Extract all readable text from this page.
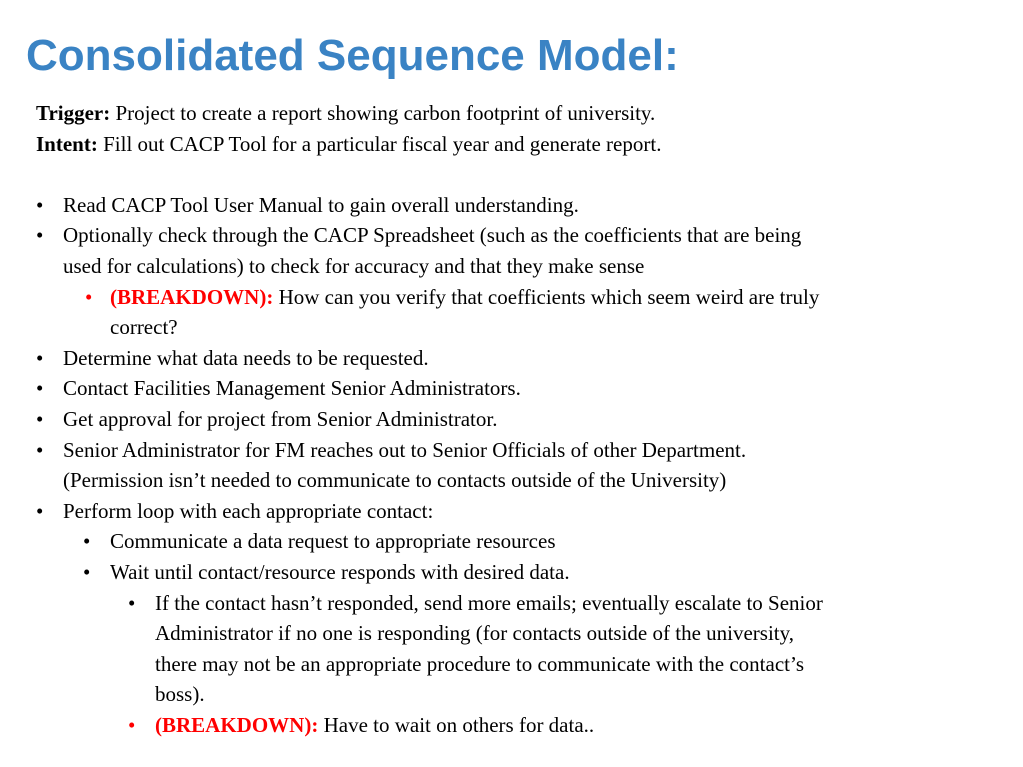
Consolidated Sequence Model:

Trigger: Project to create a report showing carbon footprint of university.

Intent: Fill out CACP Tool for a particular fiscal year and generate report.

• Read CACP Tool User Manual to gain overall understanding.
• Optionally check through the CACP Spreadsheet (such as the coefficients that are being
used for calculations) to check for accuracy and that they make sense
• (BREAKDOWN): How can you verify that coefficients which seem weird are truly
correct?
• Determine what data needs to be requested.
• Contact Facilities Management Senior Administrators.
• Get approval for project from Senior Administrator.
• Senior Administrator for FM reaches out to Senior Officials of other Department.
(Permission isn’t needed to communicate to contacts outside of the University)
• Perform loop with each appropriate contact:
• Communicate a data request to appropriate resources
• Wait until contact/resource responds with desired data.
• If the contact hasn’t responded, send more emails; eventually escalate to Senior
Administrator if no one is responding (for contacts outside of the university,
there may not be an appropriate procedure to communicate with the contact’s
boss).
• (BREAKDOWN): Have to wait on others for data..
